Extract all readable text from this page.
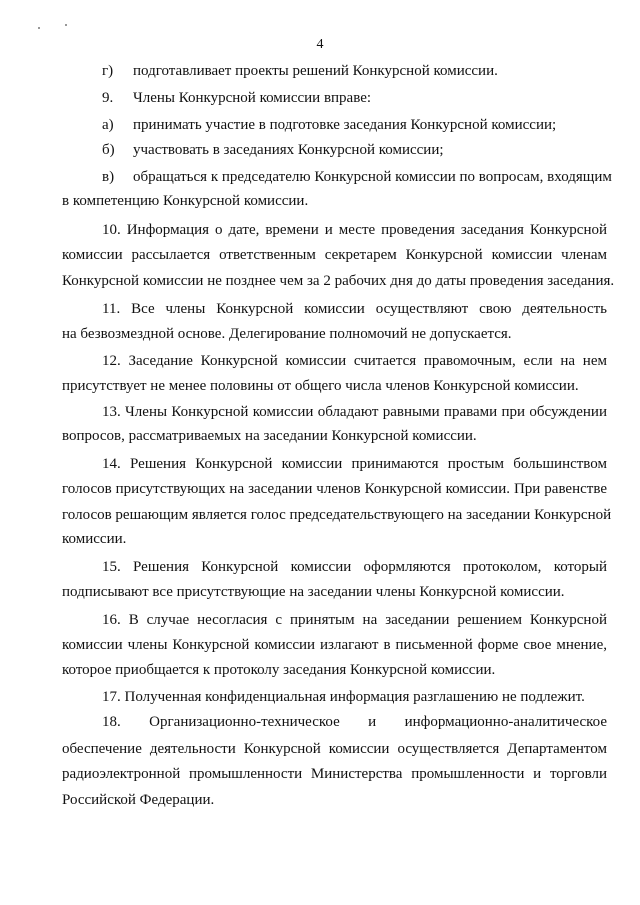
4
г) подготавливает проекты решений Конкурсной комиссии.
9. Члены Конкурсной комиссии вправе:
а) принимать участие в подготовке заседания Конкурсной комиссии;
б) участвовать в заседаниях Конкурсной комиссии;
в) обращаться к председателю Конкурсной комиссии по вопросам, входящим
в компетенцию Конкурсной комиссии.
10. Информация о дате, времени и месте проведения заседания Конкурсной
комиссии рассылается ответственным секретарем Конкурсной комиссии членам
Конкурсной комиссии не позднее чем за 2 рабочих дня до даты проведения заседания.
11. Все члены Конкурсной комиссии осуществляют свою деятельность
на безвозмездной основе. Делегирование полномочий не допускается.
12. Заседание Конкурсной комиссии считается правомочным, если на нем
присутствует не менее половины от общего числа членов Конкурсной комиссии.
13. Члены Конкурсной комиссии обладают равными правами при обсуждении
вопросов, рассматриваемых на заседании Конкурсной комиссии.
14. Решения Конкурсной комиссии принимаются простым большинством
голосов присутствующих на заседании членов Конкурсной комиссии. При равенстве
голосов решающим является голос председательствующего на заседании Конкурсной
комиссии.
15. Решения Конкурсной комиссии оформляются протоколом, который
подписывают все присутствующие на заседании члены Конкурсной комиссии.
16. В случае несогласия с принятым на заседании решением Конкурсной
комиссии члены Конкурсной комиссии излагают в письменной форме свое мнение,
которое приобщается к протоколу заседания Конкурсной комиссии.
17. Полученная конфиденциальная информация разглашению не подлежит.
18. Организационно-техническое и информационно-аналитическое
обеспечение деятельности Конкурсной комиссии осуществляется Департаментом
радиоэлектронной промышленности Министерства промышленности и торговли
Российской Федерации.
